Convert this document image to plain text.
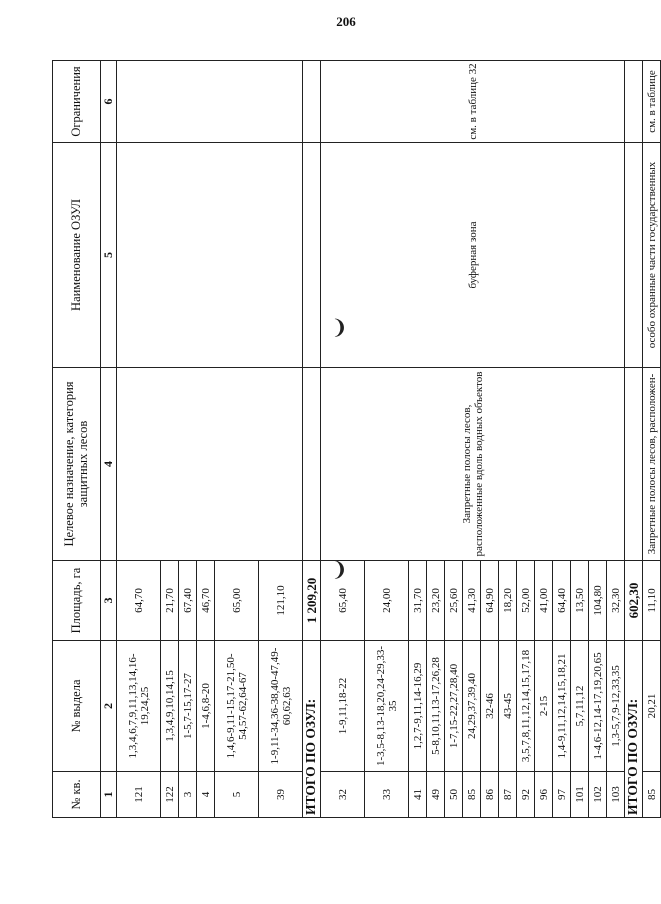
206
❩
❩
№ кв.	№ выдела	Площадь, га	Целевое назначение, категория защитных лесов	Наименование ОЗУЛ	Ограничения
1	2	3	4	5	6
121	1,3,4,6,7,9,11,13,14,16-19,24,25	64,70			
122	1,3,4,9,10,14,15	21,70			
3	1-5,7-15,17-27	67,40			
4	1-4,6,8-20	46,70			
5	1,4,6-9,11-15,17-21,50-54,57-62,64-67	65,00			
39	1-9,11-34,36-38,40-47,49-60,62,63	121,10			
ИТОГО ПО ОЗУЛ:		1 209,20			
32	1-9,11,18-22	65,40	Запретные полосы лесов, расположенные вдоль водных объектов	буферная зона	см. в таблице 32
33	1-3,5-8,13-18,20,24-29,33-35	24,00			
41	1,2,7-9,11,14-16,29	31,70			
49	5-8,10,11,13-17,26,28	23,20			
50	1-7,15-22,27,28,40	25,60			
85	24,29,37,39,40	41,30			
86	32-46	64,90			
87	43-45	18,20			
92	3,5,7,8,11,12,14,15,17,18	52,00			
96	2-15	41,00			
97	1,4-9,11,12,14,15,18,21	64,40			
101	5,7,11,12	13,50			
102	1-4,6-12,14-17,19,20,65	104,80			
103	1,3-5,7,9-12,33,35	32,30			
ИТОГО ПО ОЗУЛ:		602,30			
85	20,21	11,10	Запретные полосы лесов, расположен-	особо охранные части государственных	см. в таблице
